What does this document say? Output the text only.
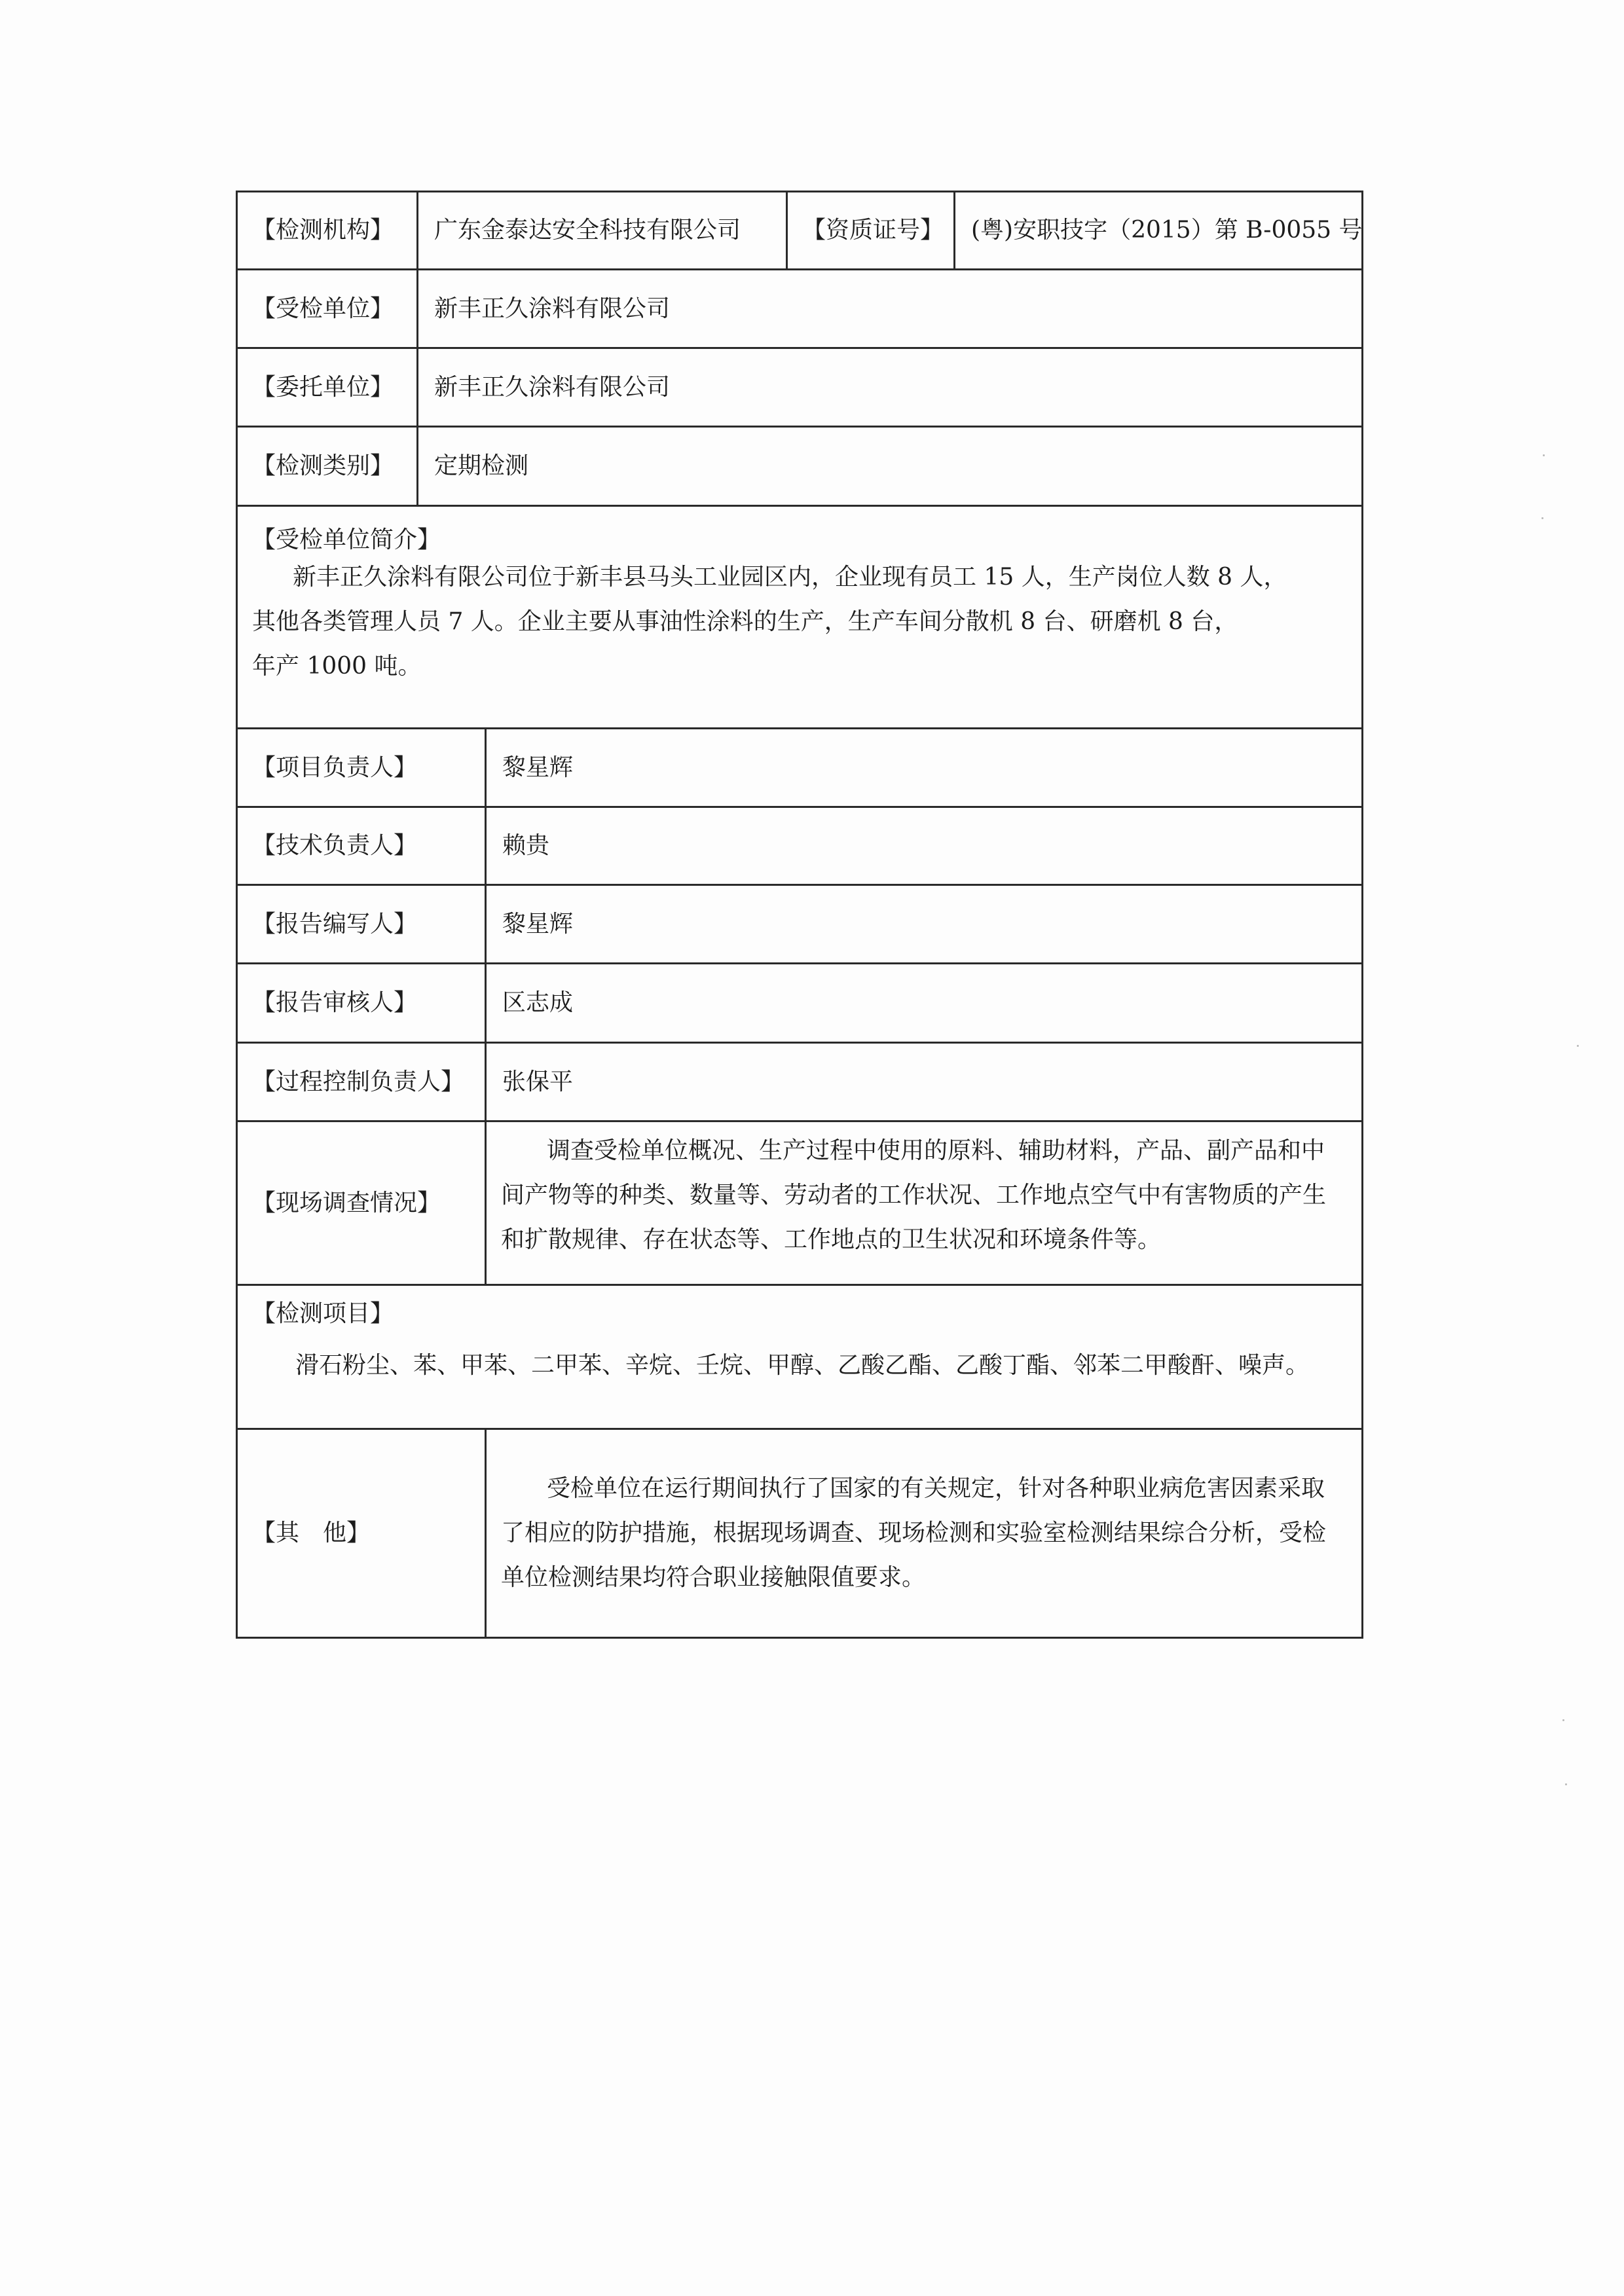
【检测机构】	广东金泰达安全科技有限公司	【资质证号】	(粤)安职技字（2015）第 B-0055 号
【受检单位】	新丰正久涂料有限公司
【委托单位】	新丰正久涂料有限公司
【检测类别】	定期检测
【受检单位简介】
新丰正久涂料有限公司位于新丰县马头工业园区内，企业现有员工 15 人，生产岗位人数 8 人，
其他各类管理人员 7 人。企业主要从事油性涂料的生产，生产车间分散机 8 台、研磨机 8 台，
年产 1000 吨。
【项目负责人】	黎星辉
【技术负责人】	赖贵
【报告编写人】	黎星辉
【报告审核人】	区志成
【过程控制负责人】	张保平
【现场调查情况】
调查受检单位概况、生产过程中使用的原料、辅助材料，产品、副产品和中
间产物等的种类、数量等、劳动者的工作状况、工作地点空气中有害物质的产生
和扩散规律、存在状态等、工作地点的卫生状况和环境条件等。
【检测项目】
滑石粉尘、苯、甲苯、二甲苯、辛烷、壬烷、甲醇、乙酸乙酯、乙酸丁酯、邻苯二甲酸酐、噪声。
【其　他】
受检单位在运行期间执行了国家的有关规定，针对各种职业病危害因素采取
了相应的防护措施，根据现场调查、现场检测和实验室检测结果综合分析，受检
单位检测结果均符合职业接触限值要求。
